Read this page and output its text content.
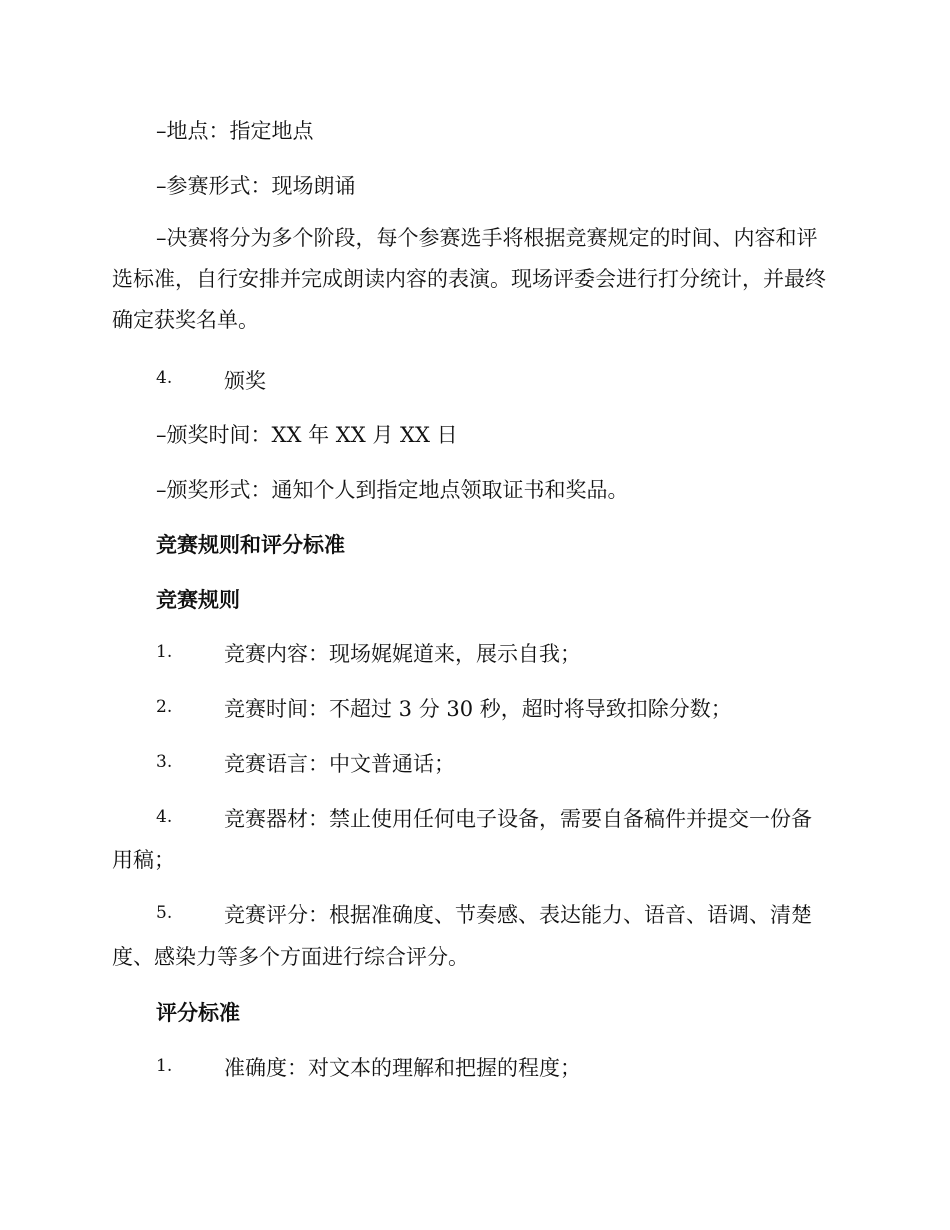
–地点：指定地点
–参赛形式：现场朗诵
–决赛将分为多个阶段，每个参赛选手将根据竞赛规定的时间、内容和评选标准，自行安排并完成朗读内容的表演。现场评委会进行打分统计，并最终确定获奖名单。
4. 颁奖
–颁奖时间：XX 年 XX 月 XX 日
–颁奖形式：通知个人到指定地点领取证书和奖品。
竞赛规则和评分标准
竞赛规则
1. 竞赛内容：现场娓娓道来，展示自我；
2. 竞赛时间：不超过 3 分 30 秒，超时将导致扣除分数；
3. 竞赛语言：中文普通话；
4. 竞赛器材：禁止使用任何电子设备，需要自备稿件并提交一份备
用稿；
5. 竞赛评分：根据准确度、节奏感、表达能力、语音、语调、清楚
度、感染力等多个方面进行综合评分。
评分标准
1. 准确度：对文本的理解和把握的程度；
